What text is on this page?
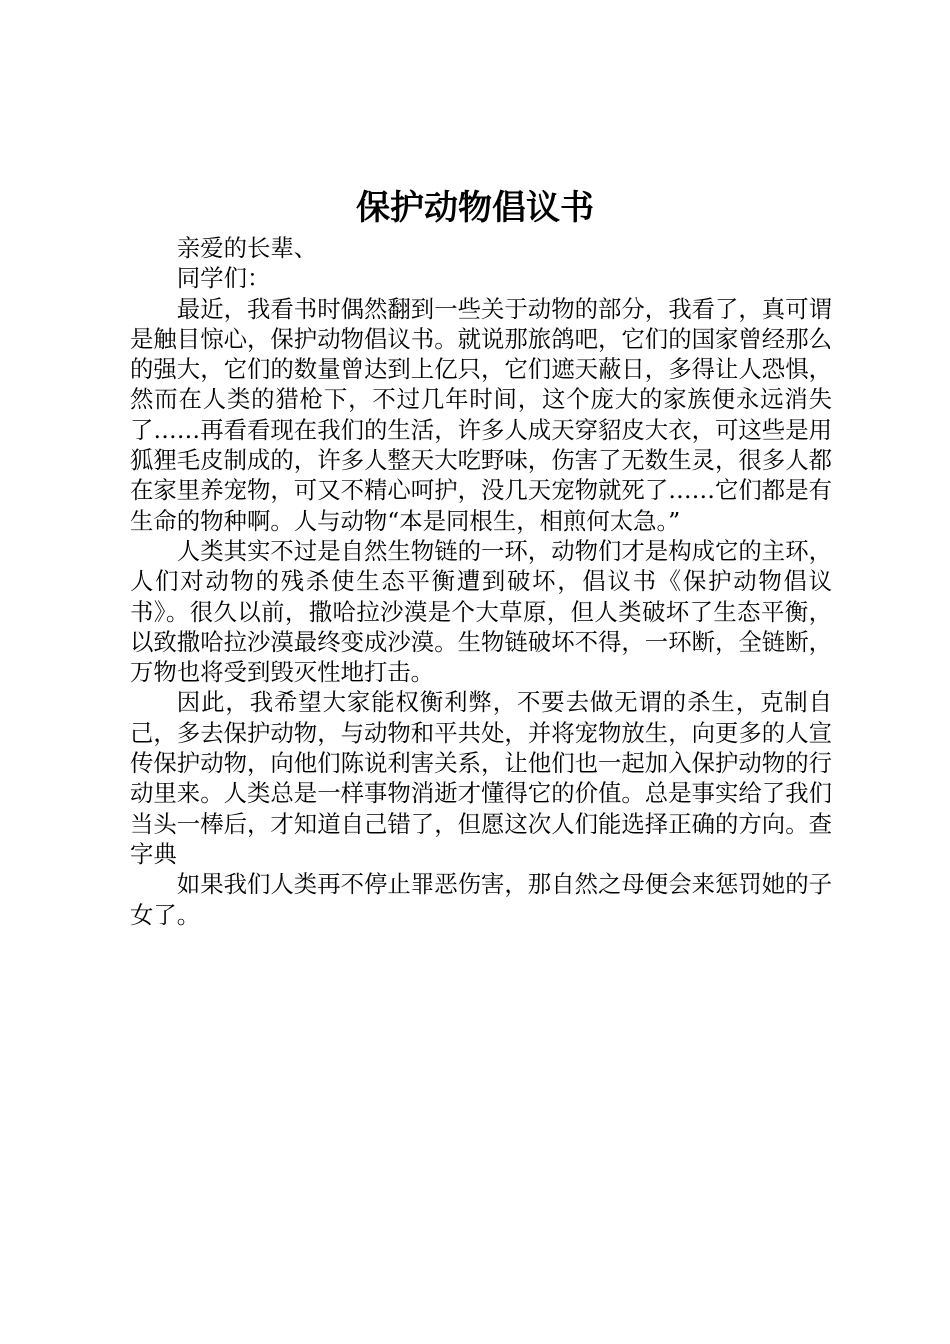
保护动物倡议书

亲爱的长辈、

同学们：

最近，我看书时偶然翻到一些关于动物的部分，我看了，真可谓是触目惊心，保护动物倡议书。就说那旅鸽吧，它们的国家曾经那么的强大，它们的数量曾达到上亿只，它们遮天蔽日，多得让人恐惧，然而在人类的猎枪下，不过几年时间，这个庞大的家族便永远消失了……再看看现在我们的生活，许多人成天穿貂皮大衣，可这些是用狐狸毛皮制成的，许多人整天大吃野味，伤害了无数生灵，很多人都在家里养宠物，可又不精心呵护，没几天宠物就死了……它们都是有生命的物种啊。人与动物“本是同根生，相煎何太急。”

人类其实不过是自然生物链的一环，动物们才是构成它的主环，人们对动物的残杀使生态平衡遭到破坏，倡议书《保护动物倡议书》。很久以前，撒哈拉沙漠是个大草原，但人类破坏了生态平衡，以致撒哈拉沙漠最终变成沙漠。生物链破坏不得，一环断，全链断，万物也将受到毁灭性地打击。

因此，我希望大家能权衡利弊，不要去做无谓的杀生，克制自己，多去保护动物，与动物和平共处，并将宠物放生，向更多的人宣传保护动物，向他们陈说利害关系，让他们也一起加入保护动物的行动里来。人类总是一样事物消逝才懂得它的价值。总是事实给了我们当头一棒后，才知道自己错了，但愿这次人们能选择正确的方向。查字典

如果我们人类再不停止罪恶伤害，那自然之母便会来惩罚她的子女了。
